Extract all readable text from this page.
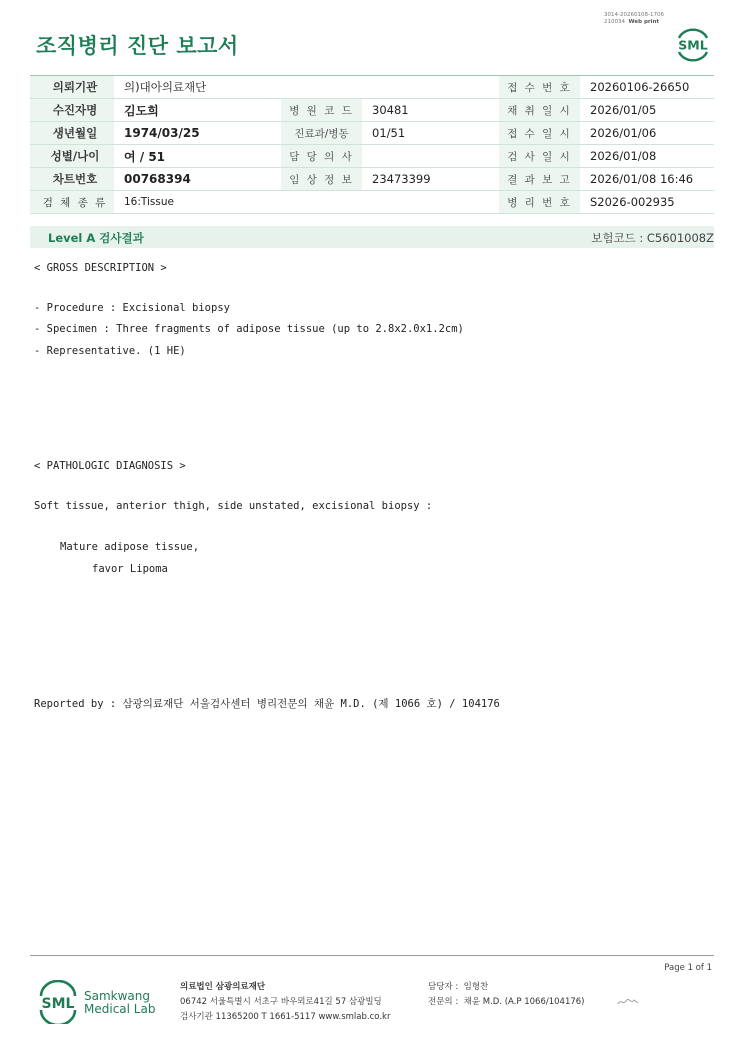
조직병리 진단 보고서
3014-20260108-1706
210034 Web print
SML
의뢰기관	의)대아의료재단			접 수 번 호	20260106-26650
수진자명	김도희	병 원 코 드	30481	채 취 일 시	2026/01/05
생년월일	1974/03/25	진료과/병동	01/51	접 수 일 시	2026/01/06
성별/나이	여 / 51	담 당 의 사		검 사 일 시	2026/01/08
차트번호	00768394	임 상 정 보	23473399	결 과 보 고	2026/01/08 16:46
검 체 종 류	16:Tissue			병 리 번 호	S2026-002935
Level A 검사결과	보험코드 : C5601008Z
< GROSS DESCRIPTION >
- Procedure : Excisional biopsy
- Specimen : Three fragments of adipose tissue (up to 2.8x2.0x1.2cm)
- Representative. (1 HE)
< PATHOLOGIC DIAGNOSIS >
Soft tissue, anterior thigh, side unstated, excisional biopsy :
Mature adipose tissue,
favor Lipoma
Reported by : 삼광의료재단 서울검사센터 병리전문의 채윤 M.D. (제 1066 호) / 104176
Page 1 of 1
SML Samkwang
Medical Lab
의료법인 삼광의료재단
06742 서울특별시 서초구 바우뫼로41길 57 삼광빌딩
검사기관 11365200 T 1661-5117 www.smlab.co.kr
담당자 : 임형찬
전문의 : 채윤 M.D. (A.P 1066/104176)
